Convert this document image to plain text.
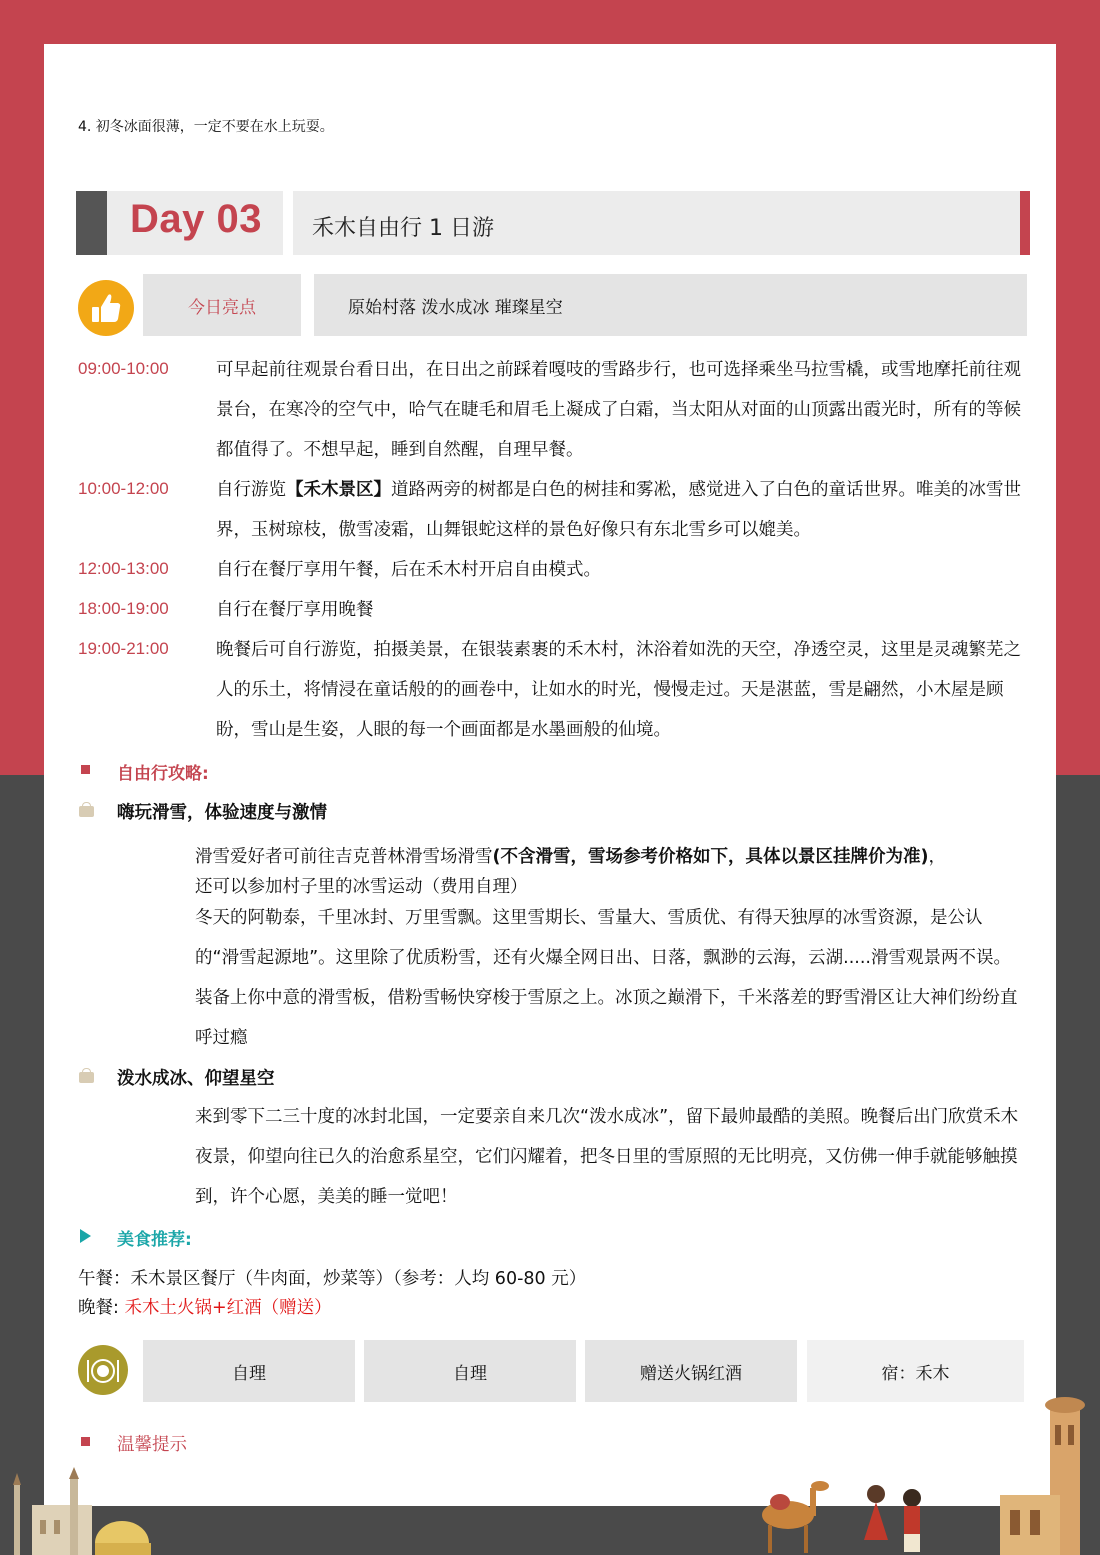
4. 初冬冰面很薄，一定不要在水上玩耍。
Day 03 禾木自由行 1 日游
今日亮点	原始村落 泼水成冰 璀璨星空
09:00-10:00	可早起前往观景台看日出，在日出之前踩着嘎吱的雪路步行，也可选择乘坐马拉雪橇，或雪地摩托前往观景台，在寒冷的空气中，哈气在睫毛和眉毛上凝成了白霜，当太阳从对面的山顶露出霞光时，所有的等候都值得了。不想早起，睡到自然醒，自理早餐。
10:00-12:00	自行游览【禾木景区】道路两旁的树都是白色的树挂和雾凇，感觉进入了白色的童话世界。唯美的冰雪世界，玉树琼枝，傲雪凌霜，山舞银蛇这样的景色好像只有东北雪乡可以媲美。
12:00-13:00	自行在餐厅享用午餐，后在禾木村开启自由模式。
18:00-19:00	自行在餐厅享用晚餐
19:00-21:00	晚餐后可自行游览，拍摄美景，在银装素裹的禾木村，沐浴着如洗的天空，净透空灵，这里是灵魂繁芜之人的乐土，将情浸在童话般的的画卷中，让如水的时光，慢慢走过。天是湛蓝，雪是翩然，小木屋是顾盼，雪山是生姿，人眼的每一个画面都是水墨画般的仙境。
自由行攻略:
嗨玩滑雪，体验速度与激情
滑雪爱好者可前往吉克普林滑雪场滑雪(不含滑雪，雪场参考价格如下，具体以景区挂牌价为准)，
还可以参加村子里的冰雪运动（费用自理）
冬天的阿勒泰，千里冰封、万里雪飘。这里雪期长、雪量大、雪质优、有得天独厚的冰雪资源，是公认的“滑雪起源地”。这里除了优质粉雪，还有火爆全网日出、日落，飘渺的云海，云湖.....滑雪观景两不误。装备上你中意的滑雪板，借粉雪畅快穿梭于雪原之上。冰顶之巅滑下，千米落差的野雪滑区让大神们纷纷直呼过瘾
泼水成冰、仰望星空
来到零下二三十度的冰封北国，一定要亲自来几次“泼水成冰”，留下最帅最酷的美照。晚餐后出门欣赏禾木夜景，仰望向往已久的治愈系星空，它们闪耀着，把冬日里的雪原照的无比明亮，又仿佛一伸手就能够触摸到，许个心愿，美美的睡一觉吧！
美食推荐:
午餐：禾木景区餐厅（牛肉面，炒菜等）（参考：人均 60-80 元）
晚餐: 禾木土火锅+红酒（赠送）
自理	自理	赠送火锅红酒	宿：禾木
温馨提示
